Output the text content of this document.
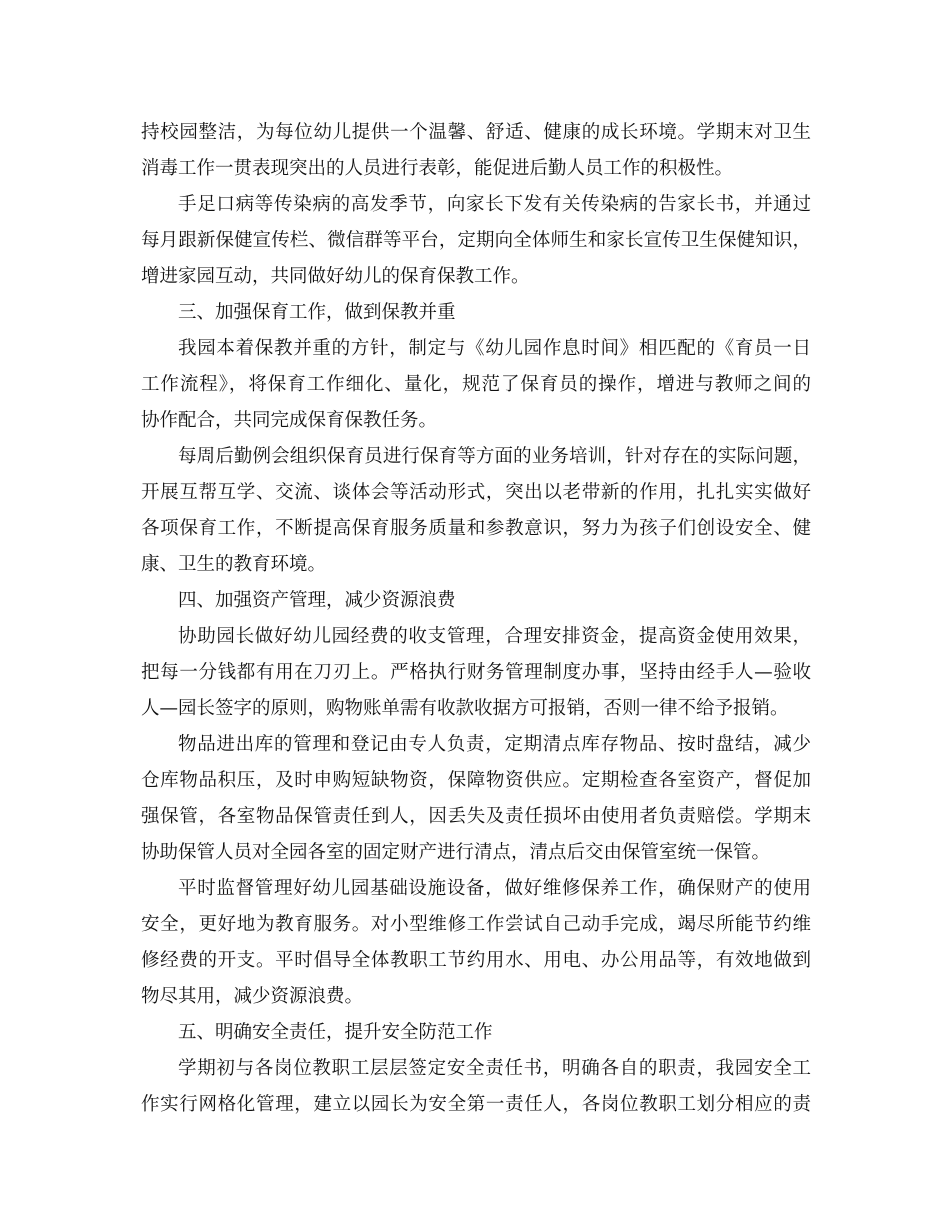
持校园整洁，为每位幼儿提供一个温馨、舒适、健康的成长环境。学期末对卫生
消毒工作一贯表现突出的人员进行表彰，能促进后勤人员工作的积极性。
手足口病等传染病的高发季节，向家长下发有关传染病的告家长书，并通过
每月跟新保健宣传栏、微信群等平台，定期向全体师生和家长宣传卫生保健知识，
增进家园互动，共同做好幼儿的保育保教工作。
三、加强保育工作，做到保教并重
我园本着保教并重的方针，制定与《幼儿园作息时间》相匹配的《育员一日
工作流程》，将保育工作细化、量化，规范了保育员的操作，增进与教师之间的
协作配合，共同完成保育保教任务。
每周后勤例会组织保育员进行保育等方面的业务培训，针对存在的实际问题，
开展互帮互学、交流、谈体会等活动形式，突出以老带新的作用，扎扎实实做好
各项保育工作，不断提高保育服务质量和参教意识，努力为孩子们创设安全、健
康、卫生的教育环境。
四、加强资产管理，减少资源浪费
协助园长做好幼儿园经费的收支管理，合理安排资金，提高资金使用效果，
把每一分钱都有用在刀刃上。严格执行财务管理制度办事，坚持由经手人—验收
人—园长签字的原则，购物账单需有收款收据方可报销，否则一律不给予报销。
物品进出库的管理和登记由专人负责，定期清点库存物品、按时盘结，减少
仓库物品积压，及时申购短缺物资，保障物资供应。定期检查各室资产，督促加
强保管，各室物品保管责任到人，因丢失及责任损坏由使用者负责赔偿。学期末
协助保管人员对全园各室的固定财产进行清点，清点后交由保管室统一保管。
平时监督管理好幼儿园基础设施设备，做好维修保养工作，确保财产的使用
安全，更好地为教育服务。对小型维修工作尝试自己动手完成，竭尽所能节约维
修经费的开支。平时倡导全体教职工节约用水、用电、办公用品等，有效地做到
物尽其用，减少资源浪费。
五、明确安全责任，提升安全防范工作
学期初与各岗位教职工层层签定安全责任书，明确各自的职责，我园安全工
作实行网格化管理，建立以园长为安全第一责任人，各岗位教职工划分相应的责
